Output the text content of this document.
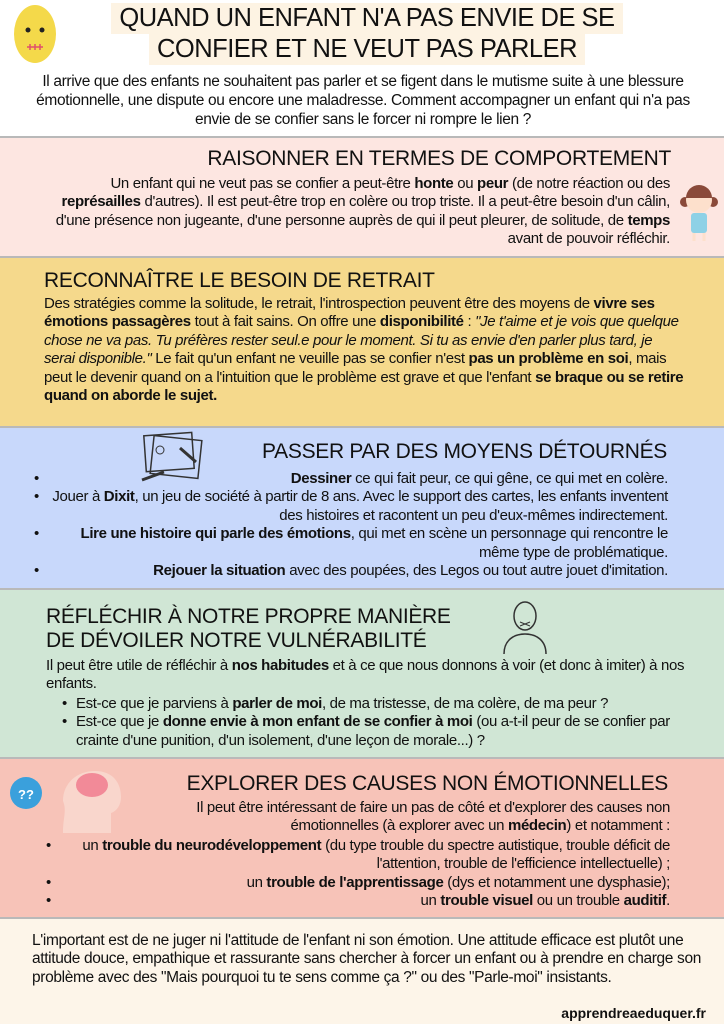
QUAND UN ENFANT N'A PAS ENVIE DE SE
CONFIER ET NE VEUT PAS PARLER

Il arrive que des enfants ne souhaitent pas parler et se figent dans le mutisme suite à une blessure émotionnelle, une dispute ou encore une maladresse. Comment accompagner un enfant qui n'a pas envie de se confier sans le forcer ni rompre le lien ?

RAISONNER EN TERMES DE COMPORTEMENT

Un enfant qui ne veut pas se confier a peut-être honte ou peur (de notre réaction ou des représailles d'autres). Il est peut-être trop en colère ou trop triste. Il a peut-être besoin d'un câlin, d'une présence non jugeante, d'une personne auprès de qui il peut pleurer, de solitude, de temps avant de pouvoir réfléchir.

RECONNAÎTRE LE BESOIN DE RETRAIT

Des stratégies comme la solitude, le retrait, l'introspection peuvent être des moyens de vivre ses émotions passagères tout à fait sains. On offre une disponibilité : "Je t'aime et je vois que quelque chose ne va pas. Tu préfères rester seul.e pour le moment. Si tu as envie d'en parler plus tard, je serai disponible." Le fait qu'un enfant ne veuille pas se confier n'est pas un problème en soi, mais peut le devenir quand on a l'intuition que le problème est grave et que l'enfant se braque ou se retire quand on aborde le sujet.

PASSER PAR DES MOYENS DÉTOURNÉS
• Dessiner ce qui fait peur, ce qui gêne, ce qui met en colère.
• Jouer à Dixit, un jeu de société à partir de 8 ans. Avec le support des cartes, les enfants inventent des histoires et racontent un peu d'eux-mêmes indirectement.
• Lire une histoire qui parle des émotions, qui met en scène un personnage qui rencontre le même type de problématique.
• Rejouer la situation avec des poupées, des Legos ou tout autre jouet d'imitation.
RÉFLÉCHIR À NOTRE PROPRE MANIÈRE
DE DÉVOILER NOTRE VULNÉRABILITÉ

Il peut être utile de réfléchir à nos habitudes et à ce que nous donnons à voir (et donc à imiter) à nos enfants.

• Est-ce que je parviens à parler de moi, de ma tristesse, de ma colère, de ma peur ?
• Est-ce que je donne envie à mon enfant de se confier à moi (ou a-t-il peur de se confier par crainte d'une punition, d'un isolement, d'une leçon de morale...) ?
??	EXPLORER DES CAUSES NON ÉMOTIONNELLES

Il peut être intéressant de faire un pas de côté et d'explorer des causes non émotionnelles (à explorer avec un médecin) et notamment :

• un trouble du neurodéveloppement (du type trouble du spectre autistique, trouble déficit de l'attention, trouble de l'efficience intellectuelle) ;
• un trouble de l'apprentissage (dys et notamment une dysphasie);
• un trouble visuel ou un trouble auditif.

L'important est de ne juger ni l'attitude de l'enfant ni son émotion. Une attitude efficace est plutôt une attitude douce, empathique et rassurante sans chercher à forcer un enfant ou à prendre en charge son problème avec des "Mais pourquoi tu te sens comme ça ?" ou des "Parle-moi" insistants.

apprendreaeduquer.fr
